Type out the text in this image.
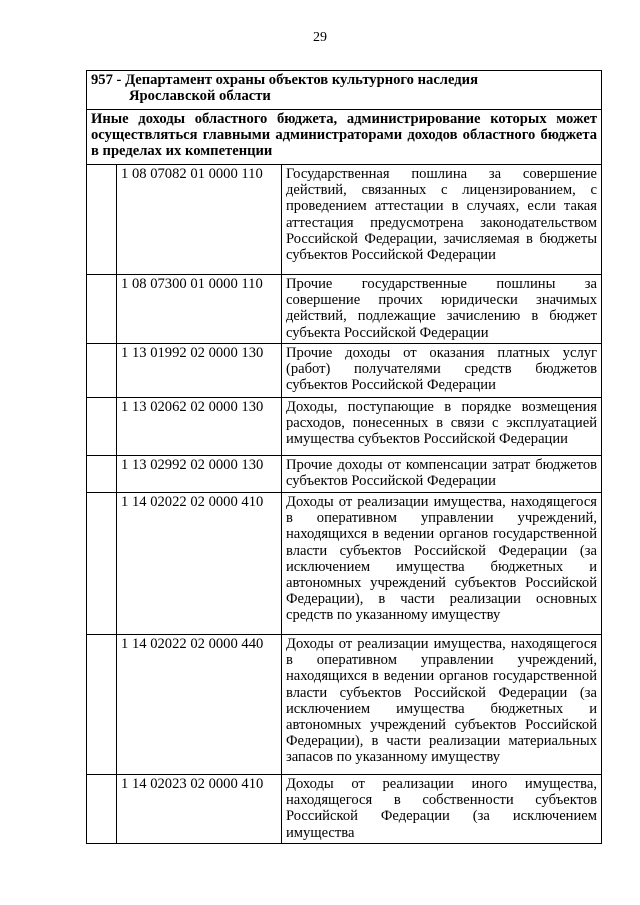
29
957 - Департамент охраны объектов культурного наследия
Ярославской области		

Иные доходы областного бюджета, администрирование которых может осуществляться главными администраторами доходов областного бюджета в пределах их компетенции		
	1 08 07082 01 0000 110	Государственная пошлина за совершение действий, связанных с лицензированием, с проведением аттестации в случаях, если такая аттестация предусмотрена законодательством Российской Федерации, зачисляемая в бюджеты субъектов Российской Федерации
	1 08 07300 01 0000 110	Прочие государственные пошлины за совершение прочих юридически значимых действий, подлежащие зачислению в бюджет субъекта Российской Федерации
	1 13 01992 02 0000 130	Прочие доходы от оказания платных услуг (работ) получателями средств бюджетов субъектов Российской Федерации
	1 13 02062 02 0000 130	Доходы, поступающие в порядке возмещения расходов, понесенных в связи с эксплуатацией имущества субъектов Российской Федерации
	1 13 02992 02 0000 130	Прочие доходы от компенсации затрат бюджетов субъектов Российской Федерации
	1 14 02022 02 0000 410	Доходы от реализации имущества, находящегося в оперативном управлении учреждений, находящихся в ведении органов государственной власти субъектов Российской Федерации (за исключением имущества бюджетных и автономных учреждений субъектов Российской Федерации), в части реализации основных средств по указанному имуществу
	1 14 02022 02 0000 440	Доходы от реализации имущества, находящегося в оперативном управлении учреждений, находящихся в ведении органов государственной власти субъектов Российской Федерации (за исключением имущества бюджетных и автономных учреждений субъектов Российской Федерации), в части реализации материальных запасов по указанному имуществу
	1 14 02023 02 0000 410	Доходы от реализации иного имущества, находящегося в собственности субъектов Российской Федерации (за исключением имущества
